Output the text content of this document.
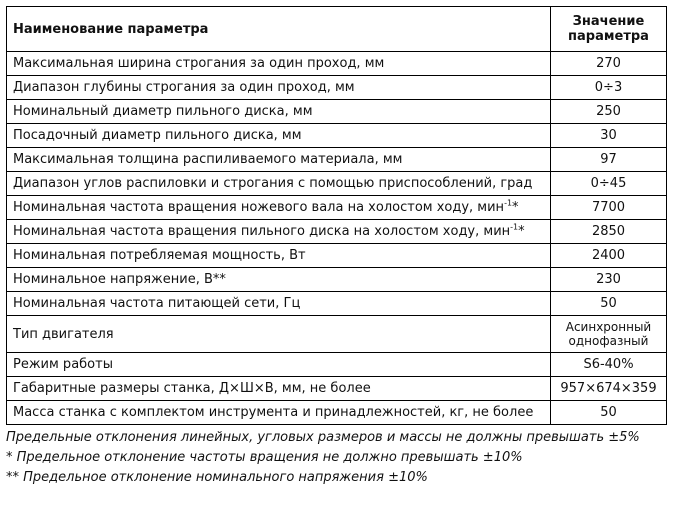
Наименование параметра	Значение
параметра
Максимальная ширина строгания за один проход, мм	270
Диапазон глубины строгания за один проход, мм	0÷3
Номинальный диаметр пильного диска, мм	250
Посадочный диаметр пильного диска, мм	30
Максимальная толщина распиливаемого материала, мм	97
Диапазон углов распиловки и строгания с помощью приспособлений, град	0÷45
Номинальная частота вращения ножевого вала на холостом ходу, мин$^{-1}$*	7700
Номинальная частота вращения пильного диска на холостом ходу, мин$^{-1}$*	2850
Номинальная потребляемая мощность, Вт	2400
Номинальное напряжение, В**	230
Номинальная частота питающей сети, Гц	50
Тип двигателя	Асинхронный
однофазный
Режим работы	S6-40%
Габаритные размеры станка, Д×Ш×В, мм, не более	957×674×359
Масса станка с комплектом инструмента и принадлежностей, кг, не более	50
Предельные отклонения линейных, угловых размеров и массы не должны превышать ±5%
* Предельное отклонение частоты вращения не должно превышать ±10%
** Предельное отклонение номинального напряжения ±10%
